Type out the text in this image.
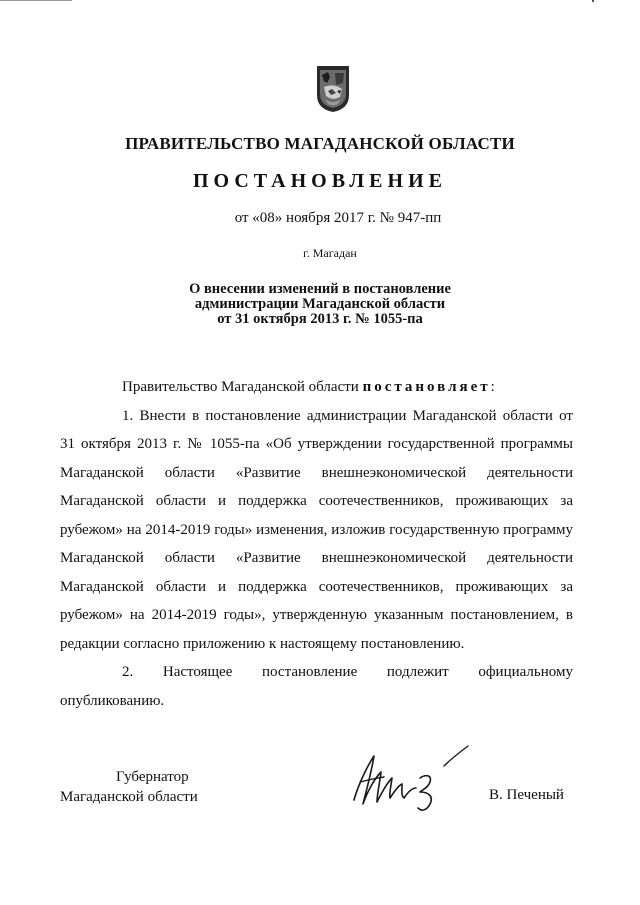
ПРАВИТЕЛЬСТВО МАГАДАНСКОЙ ОБЛАСТИ
ПОСТАНОВЛЕНИЕ
от «08» ноября 2017 г. № 947-пп
г. Магадан
О внесении изменений в постановление
администрации Магаданской области
от 31 октября 2013 г. № 1055-па

Правительство Магаданской области постановляет:

1. Внести в постановление администрации Магаданской области от 31 октября 2013 г. № 1055-па «Об утверждении государственной программы Магаданской области «Развитие внешнеэкономической деятельности Магаданской области и поддержка соотечественников, проживающих за рубежом» на 2014-2019 годы» изменения, изложив государственную программу Магаданской области «Развитие внешнеэкономической деятельности Магаданской области и поддержка соотечественников, проживающих за рубежом» на 2014-2019 годы», утвержденную указанным постановлением, в редакции согласно приложению к настоящему постановлению.

2. Настоящее постановление подлежит официальному опубликованию.

Губернатор
Магаданской области	В. Печеный
